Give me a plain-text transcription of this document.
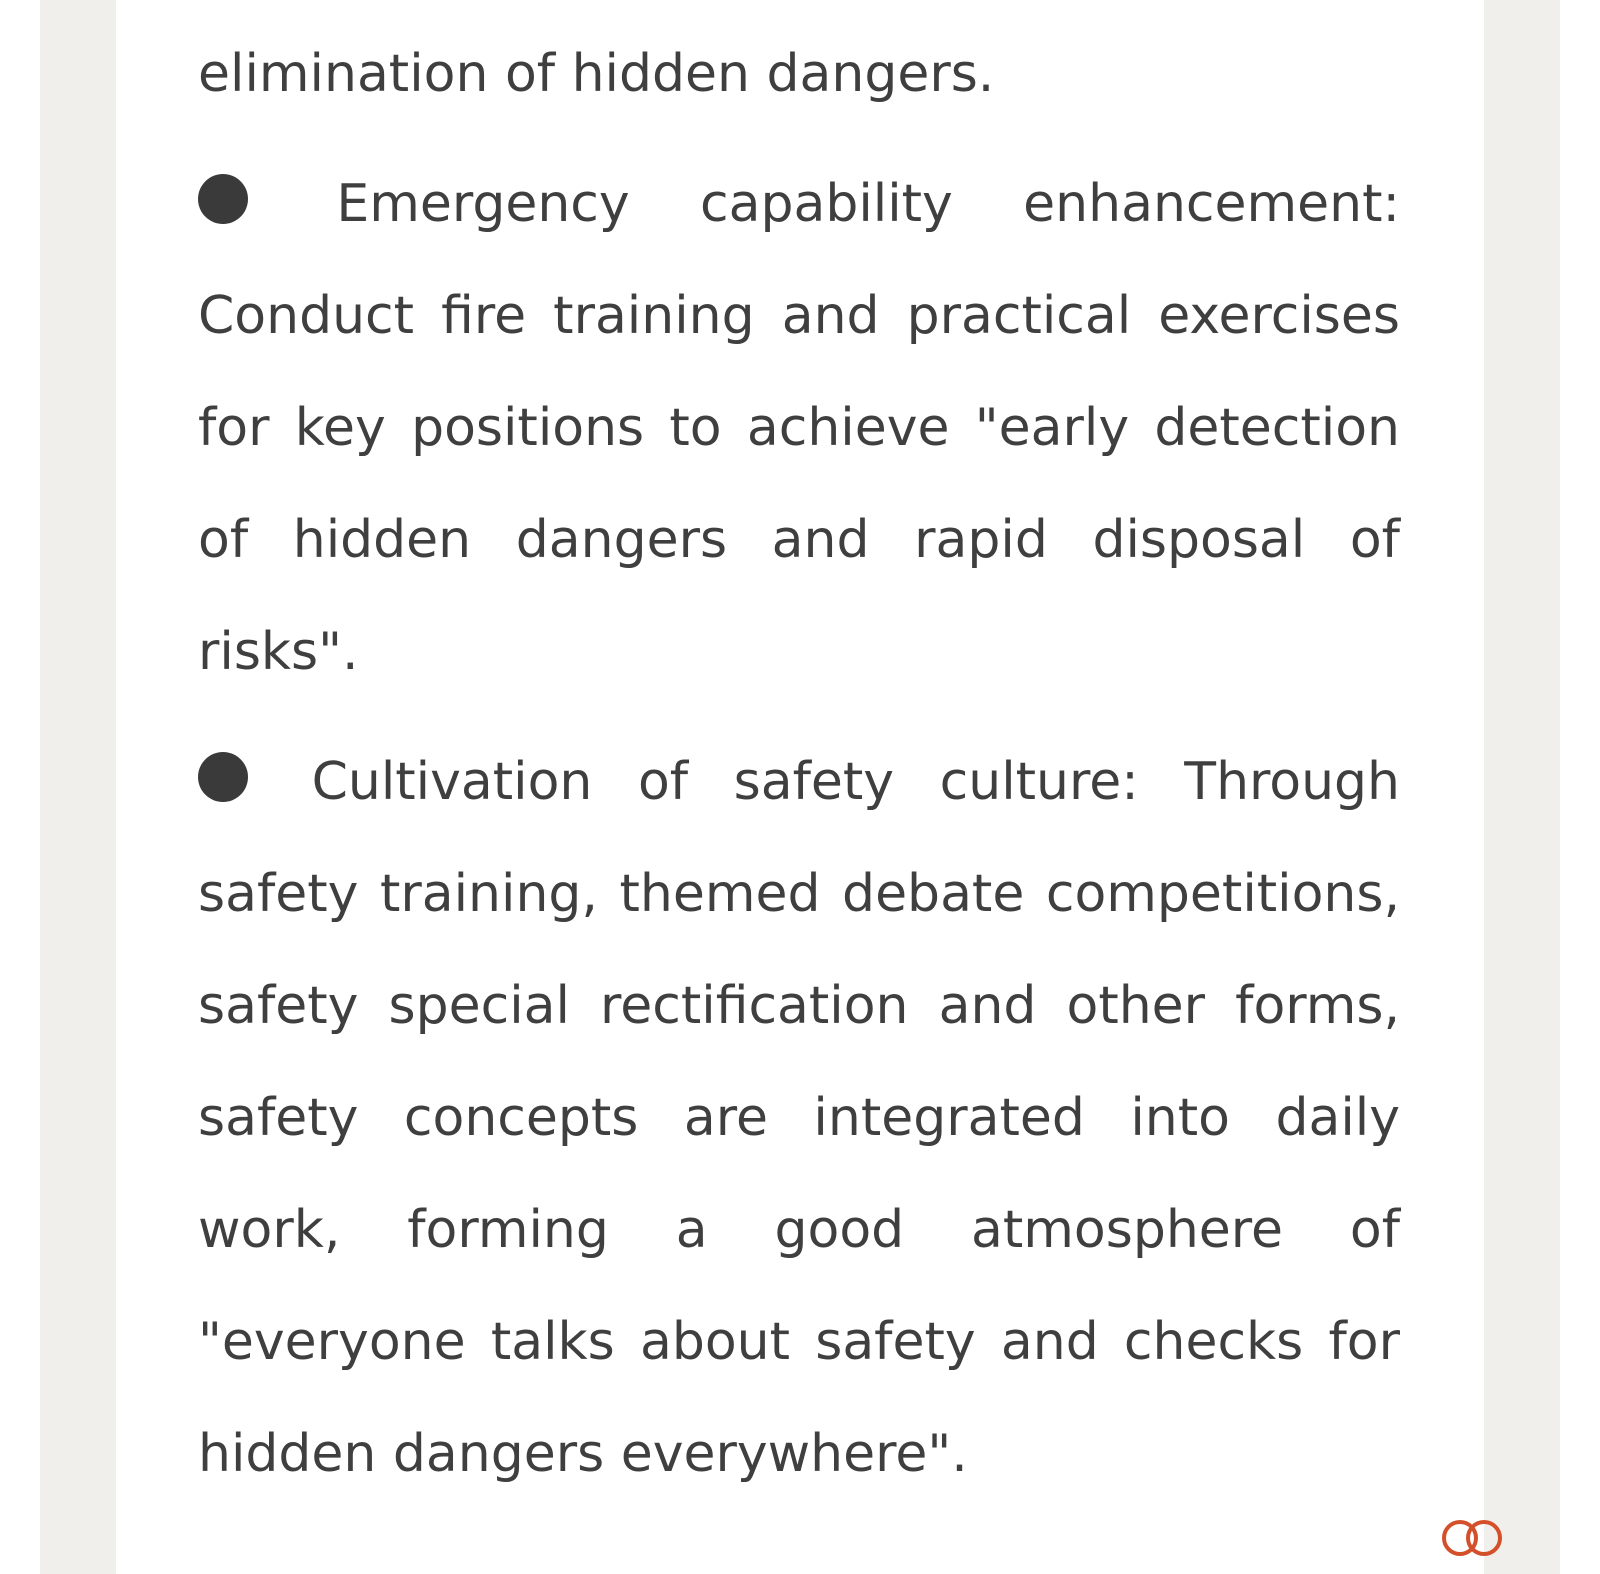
elimination of hidden dangers.

Emergency capability enhancement: Conduct fire training and practical exercises for key positions to achieve "early detection of hidden dangers and rapid disposal of risks".

Cultivation of safety culture: Through safety training, themed debate competitions, safety special rectification and other forms, safety concepts are integrated into daily work, forming a good atmosphere of "everyone talks about safety and checks for hidden dangers everywhere".
